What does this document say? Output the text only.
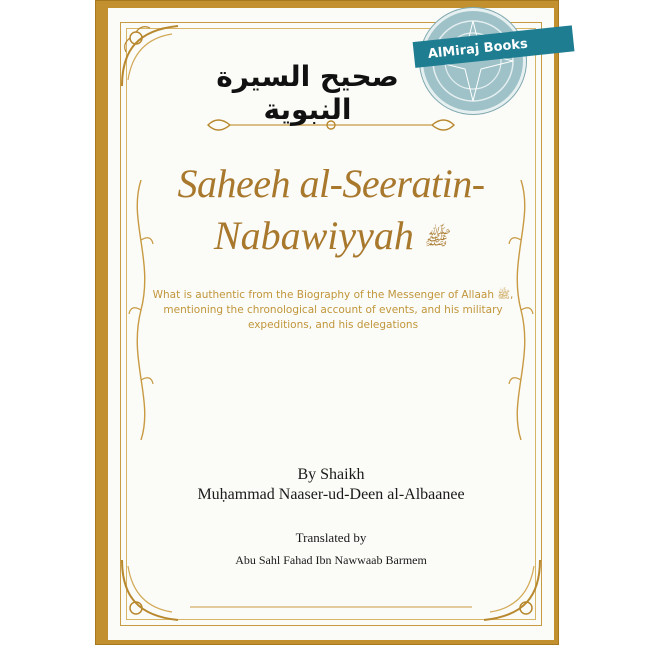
صحيح السيرة النبوية
Saheeh al-Seeratin-
Nabawiyyah ﷺ
What is authentic from the Biography of the Messenger of Allaah ﷺ, mentioning the chronological account of events, and his military expeditions, and his delegations
By Shaikh
Muḥammad Naaser-ud-Deen al-Albaanee
Translated by
Abu Sahl Fahad Ibn Nawwaab Barmem
AlMiraj Books
